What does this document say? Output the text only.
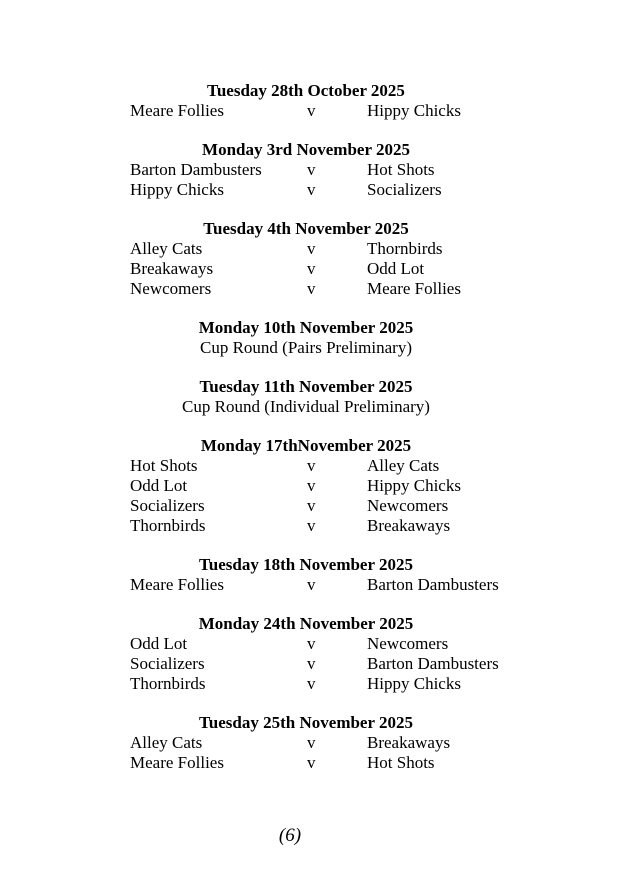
Tuesday 28th October 2025
Meare Follies	v	Hippy Chicks
Monday 3rd November 2025
Barton Dambusters	v	Hot Shots
Hippy Chicks	v	Socializers
Tuesday 4th November 2025
Alley Cats	v	Thornbirds
Breakaways	v	Odd Lot
Newcomers	v	Meare Follies
Monday 10th November 2025
Cup Round (Pairs Preliminary)
Tuesday 11th November 2025
Cup Round (Individual Preliminary)
Monday 17thNovember 2025
Hot Shots	v	Alley Cats
Odd Lot	v	Hippy Chicks
Socializers	v	Newcomers
Thornbirds	v	Breakaways
Tuesday 18th November 2025
Meare Follies	v	Barton Dambusters
Monday 24th November 2025
Odd Lot	v	Newcomers
Socializers	v	Barton Dambusters
Thornbirds	v	Hippy Chicks
Tuesday 25th November 2025
Alley Cats	v	Breakaways
Meare Follies	v	Hot Shots
(6)
